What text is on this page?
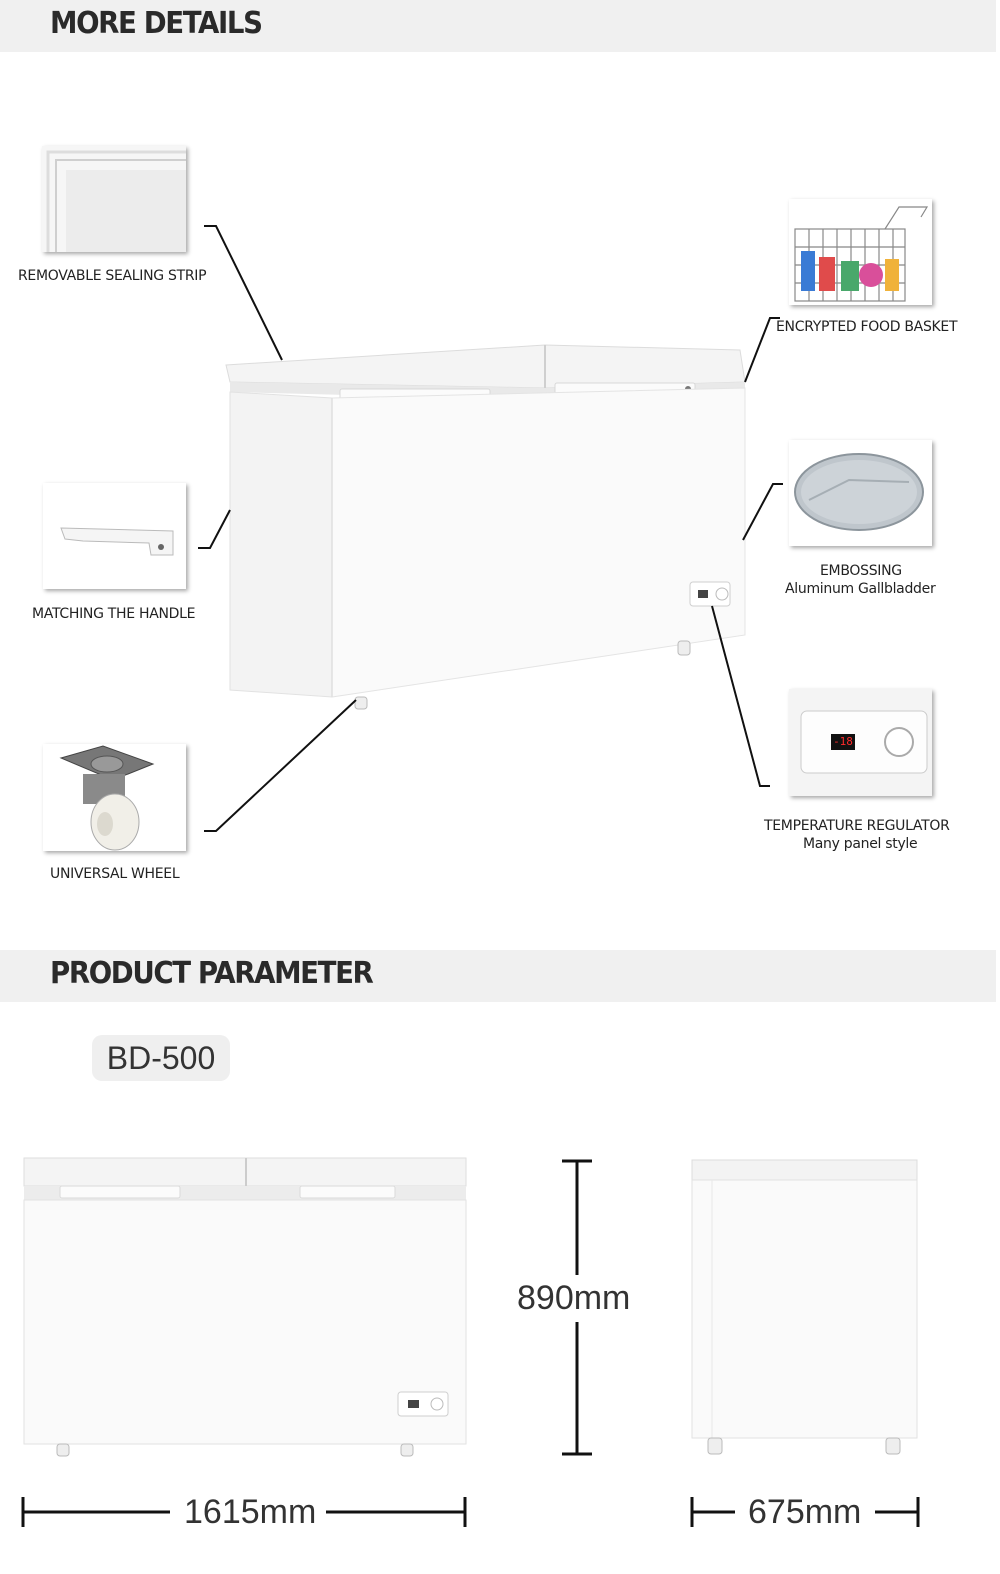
MORE DETAILS
REMOVABLE SEALING STRIP
MATCHING THE HANDLE
UNIVERSAL WHEEL
ENCRYPTED FOOD BASKET
EMBOSSING
Aluminum Gallbladder
-18
TEMPERATURE REGULATOR
Many panel style
PRODUCT PARAMETER
BD-500
890mm
1615mm	675mm
